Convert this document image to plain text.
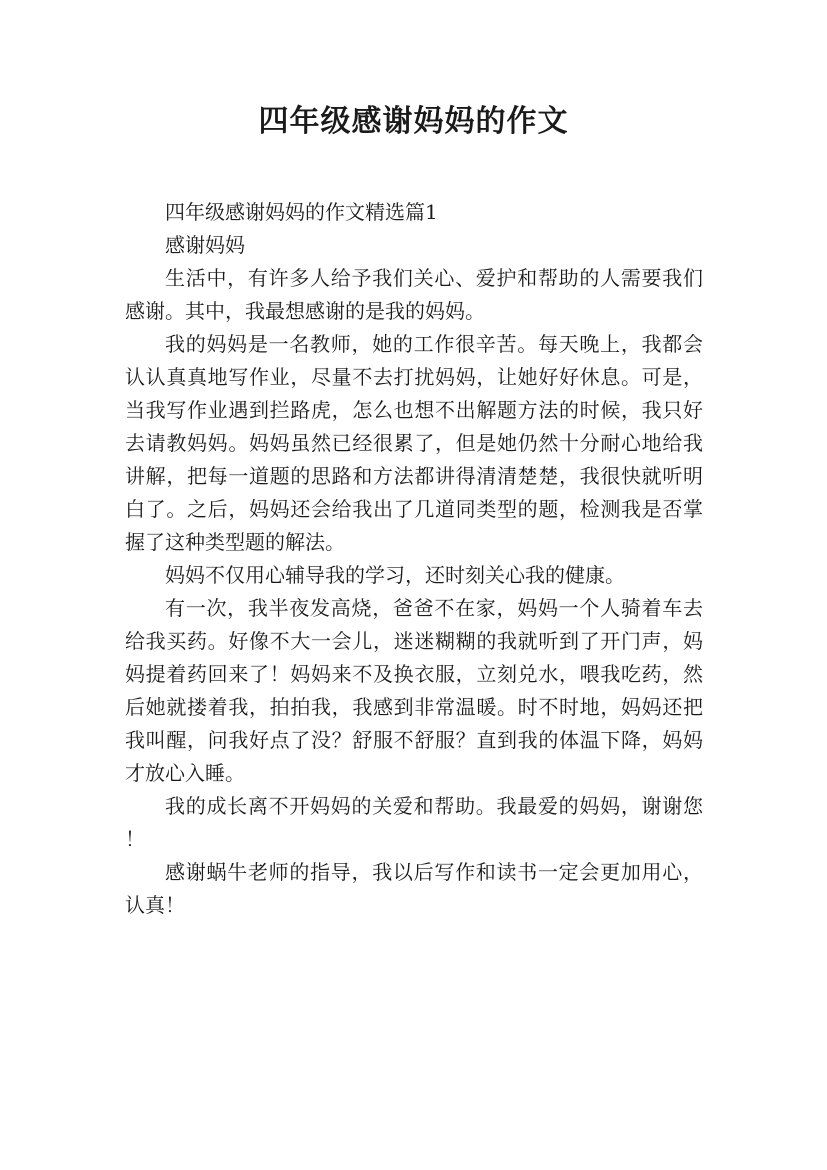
四年级感谢妈妈的作文

四年级感谢妈妈的作文精选篇1

感谢妈妈

生活中，有许多人给予我们关心、爱护和帮助的人需要我们感谢。其中，我最想感谢的是我的妈妈。

我的妈妈是一名教师，她的工作很辛苦。每天晚上，我都会认认真真地写作业，尽量不去打扰妈妈，让她好好休息。可是，当我写作业遇到拦路虎，怎么也想不出解题方法的时候，我只好去请教妈妈。妈妈虽然已经很累了，但是她仍然十分耐心地给我讲解，把每一道题的思路和方法都讲得清清楚楚，我很快就听明白了。之后，妈妈还会给我出了几道同类型的题，检测我是否掌握了这种类型题的解法。

妈妈不仅用心辅导我的学习，还时刻关心我的健康。

有一次，我半夜发高烧，爸爸不在家，妈妈一个人骑着车去给我买药。好像不大一会儿，迷迷糊糊的我就听到了开门声，妈妈提着药回来了！妈妈来不及换衣服，立刻兑水，喂我吃药，然后她就搂着我，拍拍我，我感到非常温暖。时不时地，妈妈还把我叫醒，问我好点了没？舒服不舒服？直到我的体温下降，妈妈才放心入睡。

我的成长离不开妈妈的关爱和帮助。我最爱的妈妈，谢谢您！

感谢蜗牛老师的指导，我以后写作和读书一定会更加用心，认真！
